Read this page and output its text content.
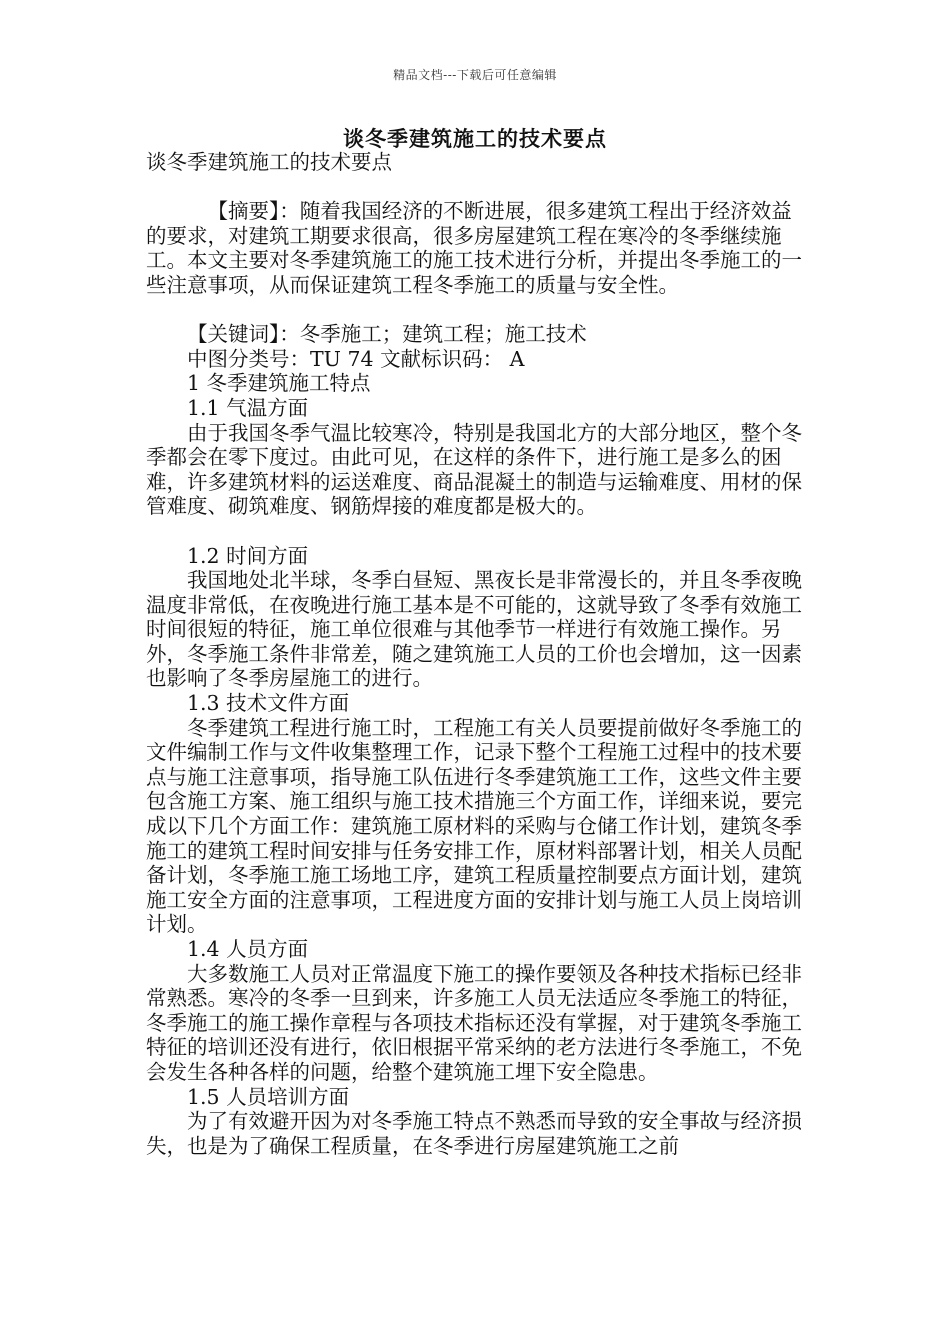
精品文档---下载后可任意编辑
谈冬季建筑施工的技术要点

谈冬季建筑施工的技术要点

【摘要】：随着我国经济的不断进展，很多建筑工程出于经济效益的要求，对建筑工期要求很高，很多房屋建筑工程在寒冷的冬季继续施工。本文主要对冬季建筑施工的施工技术进行分析，并提出冬季施工的一些注意事项，从而保证建筑工程冬季施工的质量与安全性。

【关键词】：冬季施工；建筑工程；施工技术

中图分类号：TU 74 文献标识码： A

1 冬季建筑施工特点

1.1 气温方面

由于我国冬季气温比较寒冷，特别是我国北方的大部分地区，整个冬季都会在零下度过。由此可见，在这样的条件下，进行施工是多么的困难，许多建筑材料的运送难度、商品混凝土的制造与运输难度、用材的保管难度、砌筑难度、钢筋焊接的难度都是极大的。

1.2 时间方面

我国地处北半球，冬季白昼短、黑夜长是非常漫长的，并且冬季夜晚温度非常低，在夜晚进行施工基本是不可能的，这就导致了冬季有效施工时间很短的特征，施工单位很难与其他季节一样进行有效施工操作。另外，冬季施工条件非常差，随之建筑施工人员的工价也会增加，这一因素也影响了冬季房屋施工的进行。

1.3 技术文件方面

冬季建筑工程进行施工时，工程施工有关人员要提前做好冬季施工的文件编制工作与文件收集整理工作，记录下整个工程施工过程中的技术要点与施工注意事项，指导施工队伍进行冬季建筑施工工作，这些文件主要包含施工方案、施工组织与施工技术措施三个方面工作，详细来说，要完成以下几个方面工作：建筑施工原材料的采购与仓储工作计划，建筑冬季施工的建筑工程时间安排与任务安排工作，原材料部署计划，相关人员配备计划，冬季施工施工场地工序，建筑工程质量控制要点方面计划，建筑施工安全方面的注意事项，工程进度方面的安排计划与施工人员上岗培训计划。

1.4 人员方面

大多数施工人员对正常温度下施工的操作要领及各种技术指标已经非常熟悉。寒冷的冬季一旦到来，许多施工人员无法适应冬季施工的特征，冬季施工的施工操作章程与各项技术指标还没有掌握，对于建筑冬季施工特征的培训还没有进行，依旧根据平常采纳的老方法进行冬季施工，不免会发生各种各样的问题，给整个建筑施工埋下安全隐患。

1.5 人员培训方面

为了有效避开因为对冬季施工特点不熟悉而导致的安全事故与经济损失，也是为了确保工程质量，在冬季进行房屋建筑施工之前
